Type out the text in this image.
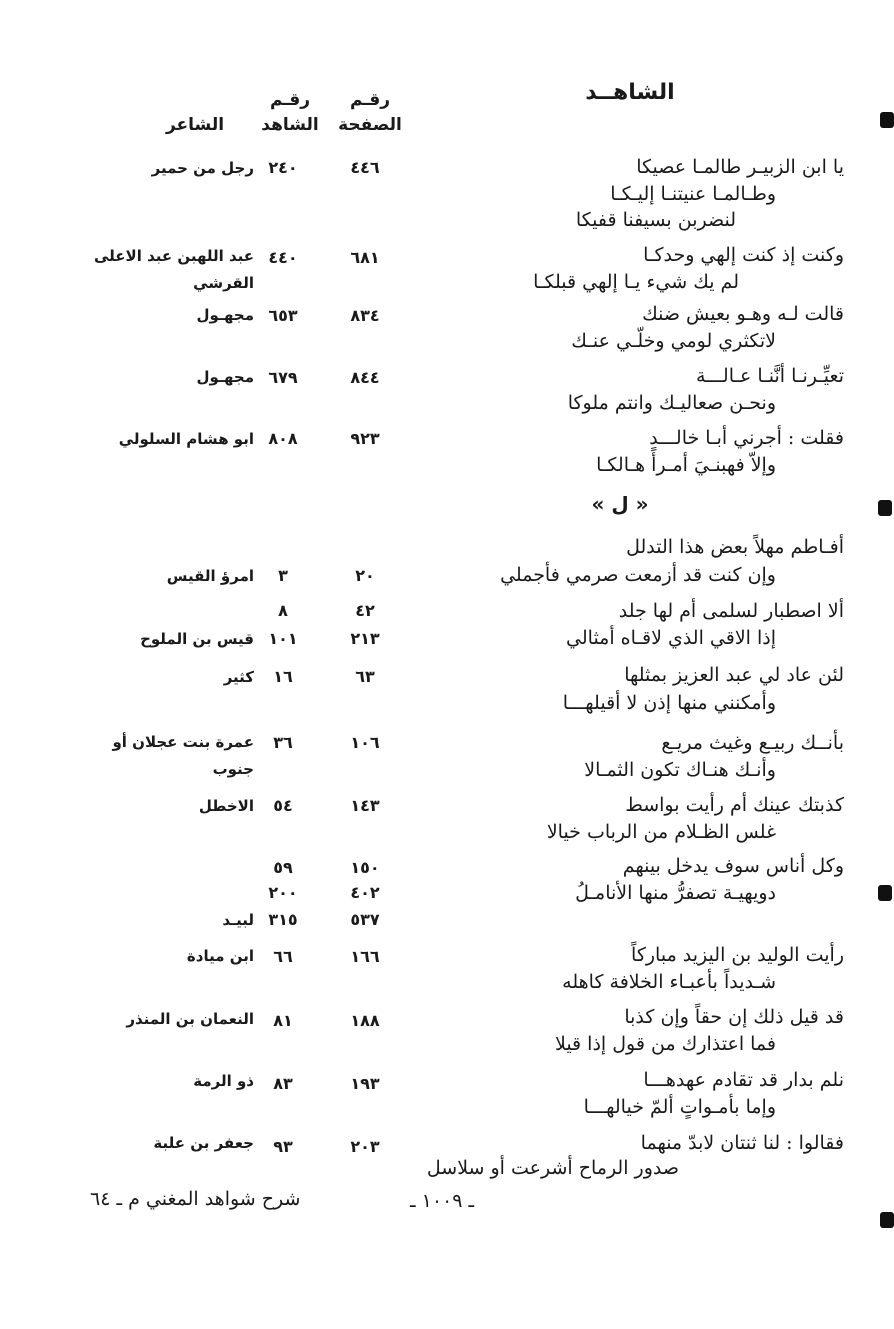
الشاهــد
رقـم
الصفحة
رقـم
الشاهد
الشاعر
يا ابن الزبيـر طالمـا عصيكا
وطـالمـا عنيتنـا إليـكـا
لنضربن بسيفنا قفيكا
٤٤٦
٢٤٠
رجل من حمير
وكنت إذ كنت إلهي وحدكـا
لم يك شيء يـا إلهي قبلكـا
٦٨١
٤٤٠
عبد اللهبن عبد الاعلى
القرشي
قالت لـه وهـو بعيش ضنك
لاتكثري لومي وخلّـي عنـك
٨٣٤
٦٥٣
مجهـول
تعيِّـرنـا أنَّنـا عـالـــة
ونحـن صعاليـك وانتم ملوكا
٨٤٤
٦٧٩
مجهـول
فقلت : أجرني أبـا خالـــد
وإلاّ فهبنـيَ أمـرأً هـالكـا
٩٢٣
٨٠٨
ابو هشام السلولي
« ل »
أفـاطم مهلاً بعض هذا التدلل
وإن كنت قد أزمعت صرمي فأجملي
٢٠
٣
امرؤ القيس
ألا اصطبار لسلمى أم لها جلد
إذا الاقي الذي لاقـاه أمثالي
٤٢
٨
٢١٣
١٠١
قيس بن الملوح
لئن عاد لي عبد العزيز بمثلها
وأمكنني منها إذن لا أقيلهـــا
٦٣
١٦
كثير
بأنــك ربيـع وغيث مريـع
وأنـك هنـاك تكون الثمـالا
١٠٦
٣٦
عمرة بنت عجلان أو
جنوب
كذبتك عينك أم رأيت بواسط
غلس الظـلام من الرباب خيالا
١٤٣
٥٤
الاخطل
وكل أناس سوف يدخل بينهم
دويهيـة تصفرُّ منها الأنامـلُ
١٥٠
٥٩
٤٠٢
٢٠٠
٥٣٧
٣١٥
لبيـد
رأيت الوليد بن اليزيد مباركاً
شـديداً بأعبـاء الخلافة كاهله
١٦٦
٦٦
ابن ميادة
قد قيل ذلك إن حقاً وإن كذبا
فما اعتذارك من قول إذا قيلا
١٨٨
٨١
النعمان بن المنذر
نلم بدار قد تقادم عهدهـــا
وإما بأمـواتٍ ألمّ خيالهـــا
١٩٣
٨٣
ذو الرمة
فقالوا : لنا ثنتان لابدّ منهما
صدور الرماح أشرعت أو سلاسل
٢٠٣
٩٣
جعفر بن علبة
ـ ١٠٠٩ ـ
شرح شواهد المغني م ـ ٦٤
